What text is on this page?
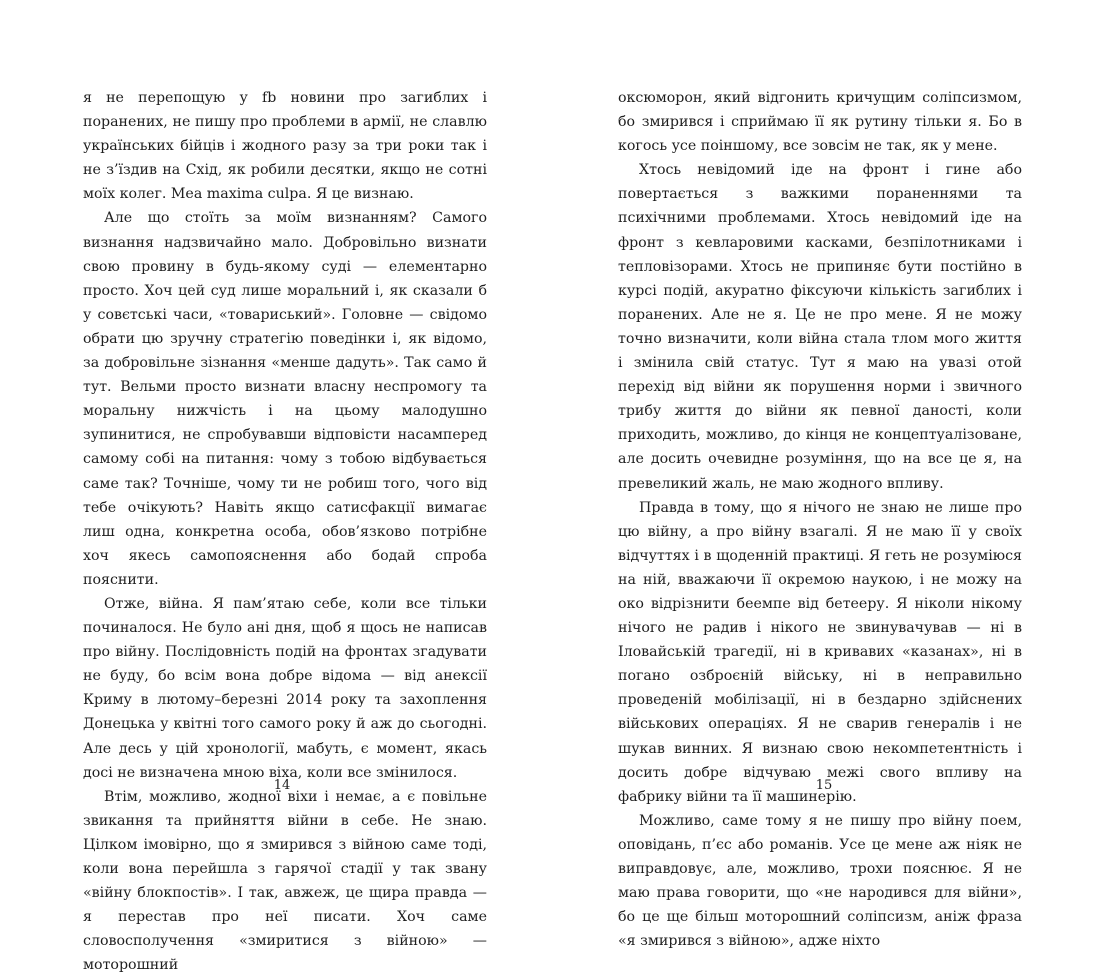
я не перепощую у fb новини про загиблих і поранених, не пишу про проблеми в армії, не славлю українських бійців і жодного разу за три роки так і не з’їздив на Схід, як робили десятки, якщо не сотні моїх колег. Mea maxima culpa. Я це визнаю.

Але що стоїть за моїм визнанням? Самого визнання надзвичайно мало. Добровільно визнати свою провину в будь-якому суді — елементарно просто. Хоч цей суд лише моральний і, як сказали б у совєтські часи, «товариський». Головне — свідомо обрати цю зручну стратегію поведінки і, як відомо, за добровільне зізнання «менше дадуть». Так само й тут. Вельми просто визнати власну неспромогу та моральну нижчість і на цьому малодушно зупинитися, не спробувавши відповісти насамперед самому собі на питання: чому з тобою відбувається саме так? Точніше, чому ти не робиш того, чого від тебе очікують? Навіть якщо сатисфакції вимагає лиш одна, конкретна особа, обов’язково потрібне хоч якесь самопояснення або бодай спроба пояснити.

Отже, війна. Я пам’ятаю себе, коли все тільки починалося. Не було ані дня, щоб я щось не написав про війну. Послідовність подій на фронтах згадувати не буду, бо всім вона добре відома — від анексії Криму в лютому–березні 2014 року та захоплення Донецька у квітні того самого року й аж до сьогодні. Але десь у цій хронології, мабуть, є момент, якась досі не визначена мною віха, коли все змінилося.

Втім, можливо, жодної віхи і немає, а є повільне звикання та прийняття війни в себе. Не знаю. Цілком імовірно, що я змирився з війною саме тоді, коли вона перейшла з гарячої стадії у так звану «війну блокпостів». І так, авжеж, це щира правда — я перестав про неї писати. Хоч саме словосполучення «змиритися з війною» — моторошний

14

оксюморон, який відгонить кричущим соліпсизмом, бо змирився і сприймаю її як рутину тільки я. Бо в когось усе поіншому, все зовсім не так, як у мене.

Хтось невідомий іде на фронт і гине або повертається з важкими пораненнями та психічними проблемами. Хтось невідомий іде на фронт з кевларовими касками, безпілотниками і тепловізорами. Хтось не припиняє бути постійно в курсі подій, акуратно фіксуючи кількість загиблих і поранених. Але не я. Це не про мене. Я не можу точно визначити, коли війна стала тлом мого життя і змінила свій статус. Тут я маю на увазі отой перехід від війни як порушення норми і звичного трибу життя до війни як певної даності, коли приходить, можливо, до кінця не концептуалізоване, але досить очевидне розуміння, що на все це я, на превеликий жаль, не маю жодного впливу.

Правда в тому, що я нічого не знаю не лише про цю війну, а про війну взагалі. Я не маю її у своїх відчуттях і в щоденній практиці. Я геть не розуміюся на ній, вважаючи її окремою наукою, і не можу на око відрізнити беемпе від бетееру. Я ніколи нікому нічого не радив і нікого не звинувачував — ні в Іловайській трагедії, ні в кривавих «казанах», ні в погано озброєній війську, ні в неправильно проведеній мобілізації, ні в бездарно здійснених військових операціях. Я не сварив генералів і не шукав винних. Я визнаю свою некомпетентність і досить добре відчуваю межі свого впливу на фабрику війни та її машинерію.

Можливо, саме тому я не пишу про війну поем, оповідань, п’єс або романів. Усе це мене аж ніяк не виправдовує, але, можливо, трохи пояснює. Я не маю права говорити, що «не народився для війни», бо це ще більш моторошний соліпсизм, аніж фраза «я змирився з війною», адже ніхто

15
